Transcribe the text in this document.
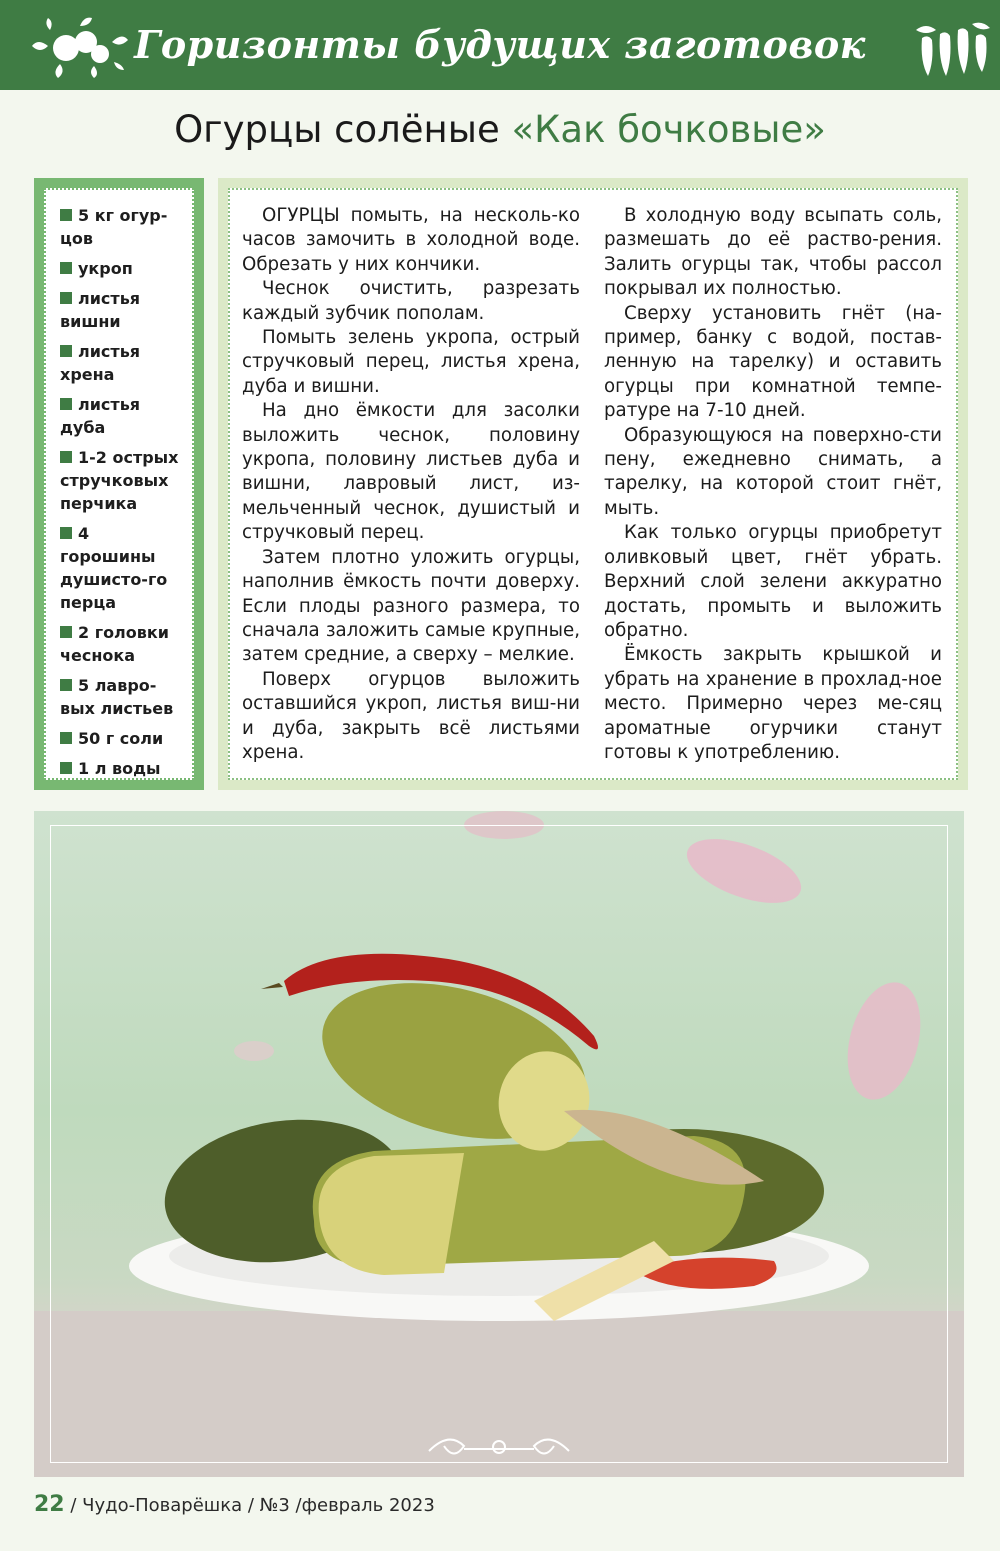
Горизонты будущих заготовок
Огурцы солёные «Как бочковые»
5 кг огур-цов
укроп
листья вишни
листья хрена
листья дуба
1-2 острых стручковых перчика
4 горошины душисто-го перца
2 головки чеснока
5 лавро-вых листьев
50 г соли
1 л воды

ОГУРЦЫ помыть, на несколь-ко часов замочить в холодной воде. Обрезать у них кончики.

Чеснок очистить, разрезать каждый зубчик пополам.

Помыть зелень укропа, острый стручковый перец, листья хрена, дуба и вишни.

На дно ёмкости для засолки выложить чеснок, половину укропа, половину листьев дуба и вишни, лавровый лист, из-мельченный чеснок, душистый и стручковый перец.

Затем плотно уложить огурцы, наполнив ёмкость почти доверху. Если плоды разного размера, то сначала заложить самые крупные, затем средние, а сверху – мелкие.

Поверх огурцов выложить оставшийся укроп, листья виш-ни и дуба, закрыть всё листьями хрена.

В холодную воду всыпать соль, размешать до её раство-рения. Залить огурцы так, чтобы рассол покрывал их полностью.

Сверху установить гнёт (на-пример, банку с водой, постав-ленную на тарелку) и оставить огурцы при комнатной темпе-ратуре на 7-10 дней.

Образующуюся на поверхно-сти пену, ежедневно снимать, а тарелку, на которой стоит гнёт, мыть.

Как только огурцы приобретут оливковый цвет, гнёт убрать. Верхний слой зелени аккуратно достать, промыть и выложить обратно.

Ёмкость закрыть крышкой и убрать на хранение в прохлад-ное место. Примерно через ме-сяц ароматные огурчики станут готовы к употреблению.

22 / Чудо-Поварёшка / №3 /февраль 2023
